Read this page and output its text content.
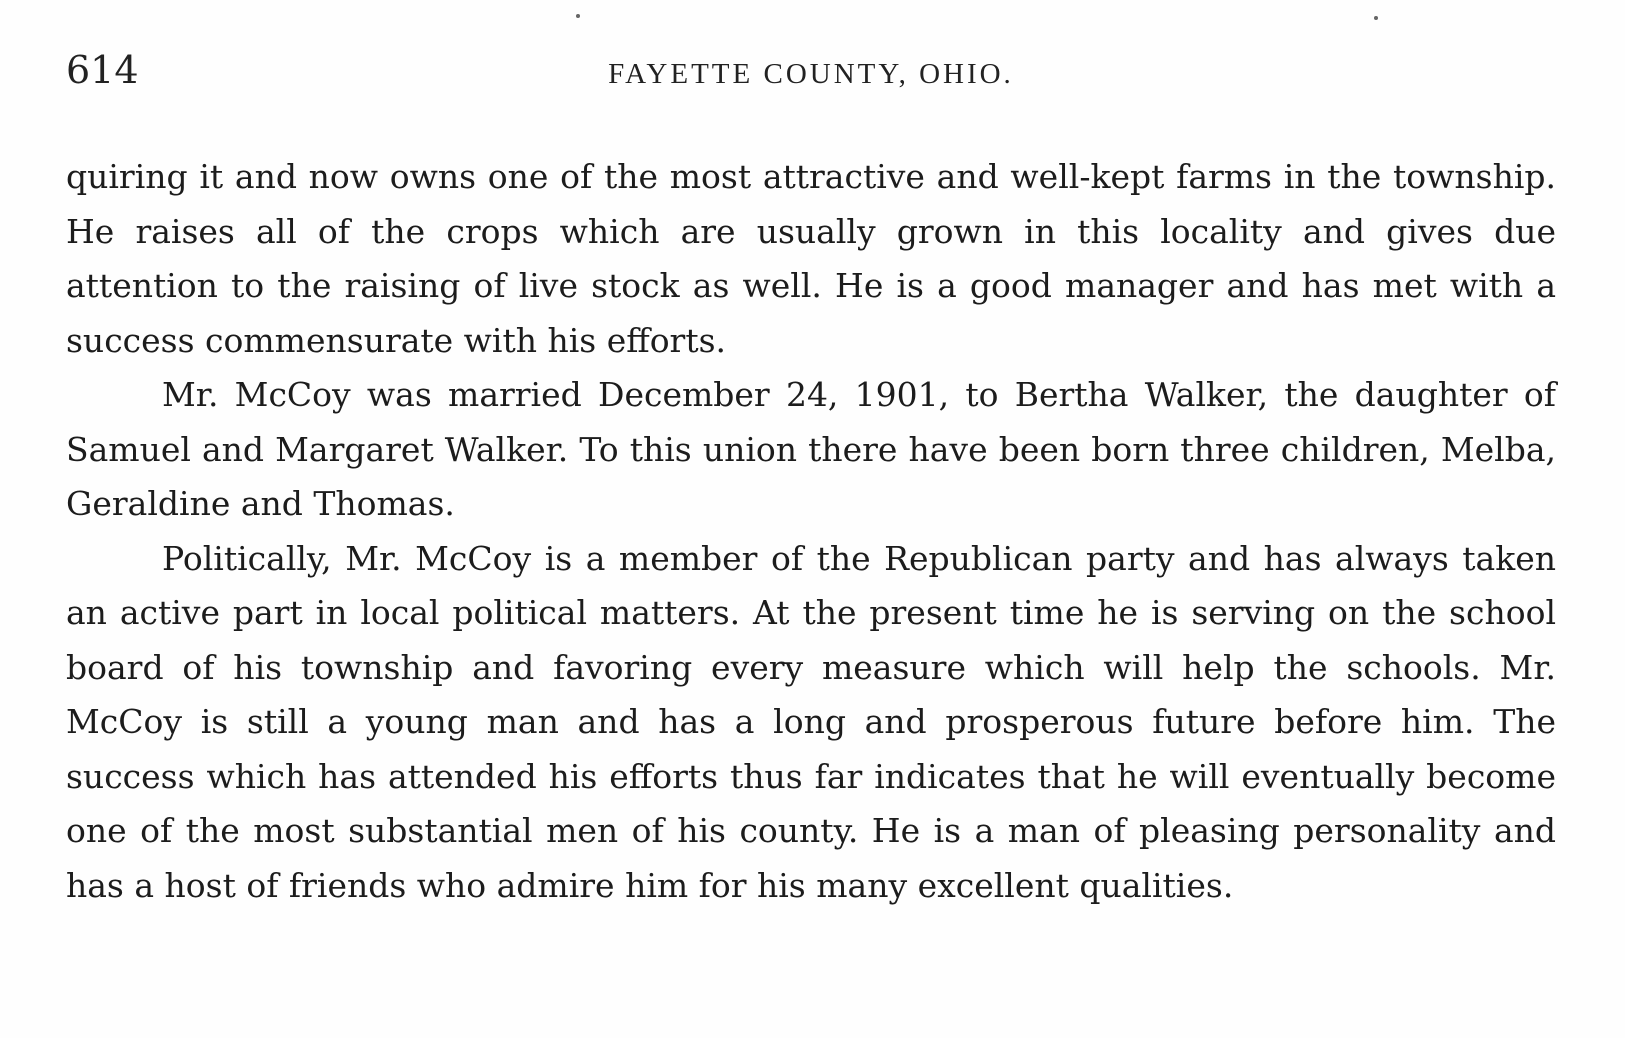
614	FAYETTE COUNTY, OHIO.

quiring it and now owns one of the most attractive and well-kept farms in the township. He raises all of the crops which are usually grown in this locality and gives due attention to the raising of live stock as well. He is a good manager and has met with a success commensurate with his efforts.

Mr. McCoy was married December 24, 1901, to Bertha Walker, the daughter of Samuel and Margaret Walker. To this union there have been born three children, Melba, Geraldine and Thomas.

Politically, Mr. McCoy is a member of the Republican party and has always taken an active part in local political matters. At the present time he is serving on the school board of his township and favoring every measure which will help the schools. Mr. McCoy is still a young man and has a long and prosperous future before him. The success which has attended his efforts thus far indicates that he will eventually become one of the most substantial men of his county. He is a man of pleasing personality and has a host of friends who admire him for his many excellent qualities.
